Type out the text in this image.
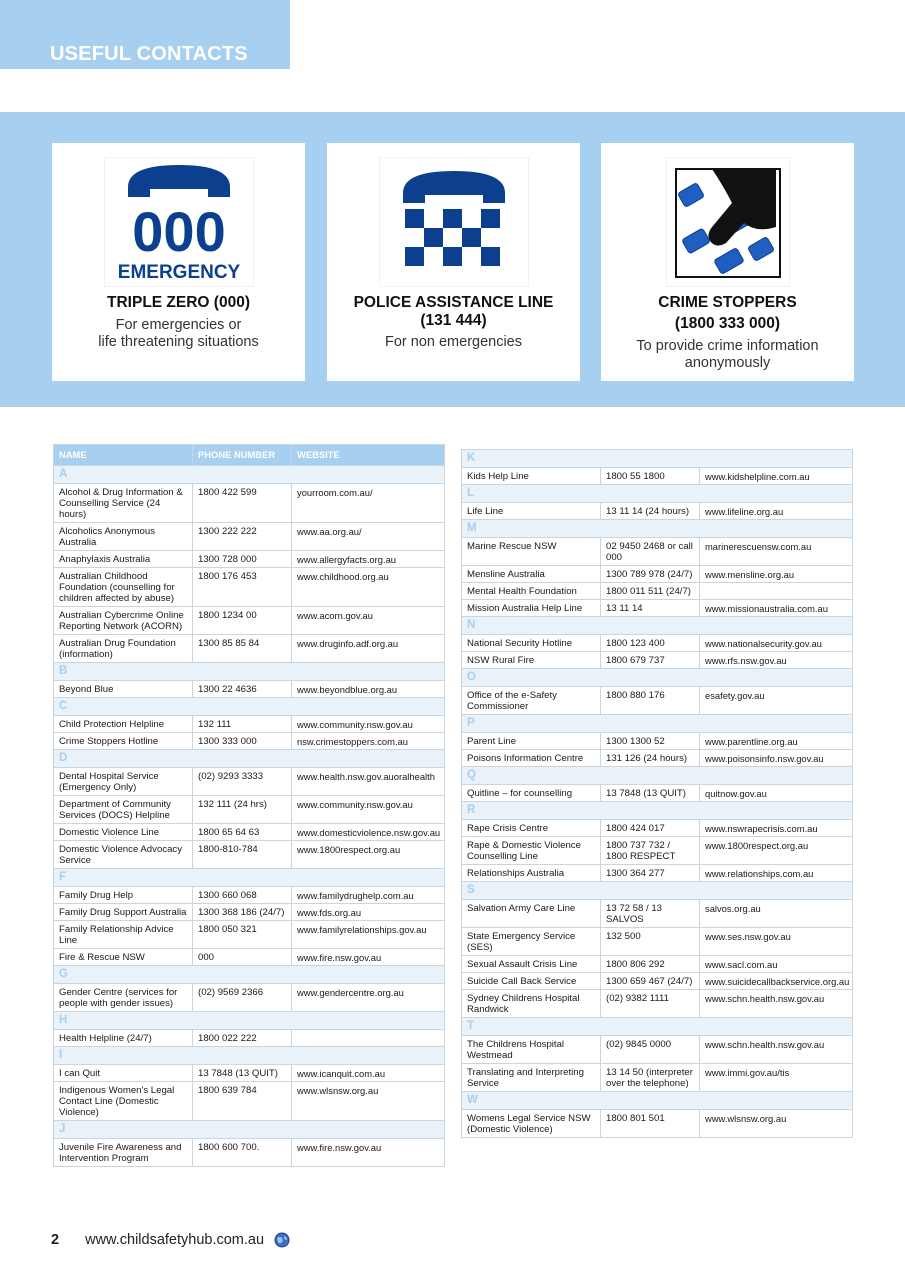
USEFUL CONTACTS
000
EMERGENCY
TRIPLE ZERO (000)
For emergencies or
life threatening situations
POLICE ASSISTANCE LINE
(131 444)
For non emergencies
CRIME STOPPERS
(1800 333 000)
To provide crime information
anonymously
NAME	PHONE NUMBER	WEBSITE
A		
Alcohol & Drug Information & Counselling Service (24 hours)	1800 422 599	yourroom.com.au/
Alcoholics Anonymous Australia	1300 222 222	www.aa.org.au/
Anaphylaxis Australia	1300 728 000	www.allergyfacts.org.au
Australian Childhood Foundation (counselling for children affected by abuse)	1800 176 453	www.childhood.org.au
Australian Cybercrime Online Reporting Network (ACORN)	1800 1234 00	www.acorn.gov.au
Australian Drug Foundation (information)	1300 85 85 84	www.druginfo.adf.org.au
B		
Beyond Blue	1300 22 4636	www.beyondblue.org.au
C		
Child Protection Helpline	132 111	www.community.nsw.gov.au
Crime Stoppers Hotline	1300 333 000	nsw.crimestoppers.com.au
D		
Dental Hospital Service (Emergency Only)	(02) 9293 3333	www.health.nsw.gov.auoralhealth
Department of Community Services (DOCS) Helpline	132 111 (24 hrs)	www.community.nsw.gov.au
Domestic Violence Line	1800 65 64 63	www.domesticviolence.nsw.gov.au
Domestic Violence Advocacy Service	1800-810-784	www.1800respect.org.au
F		
Family Drug Help	1300 660 068	www.familydrughelp.com.au
Family Drug Support Australia	1300 368 186 (24/7)	www.fds.org.au
Family Relationship Advice Line	1800 050 321	www.familyrelationships.gov.au
Fire & Rescue NSW	000	www.fire.nsw.gov.au
G		
Gender Centre (services for people with gender issues)	(02) 9569 2366	www.gendercentre.org.au
H		
Health Helpline (24/7)	1800 022 222	
I		
I can Quit	13 7848 (13 QUIT)	www.icanquit.com.au
Indigenous Women's Legal Contact Line (Domestic Violence)	1800 639 784	www.wlsnsw.org.au
J		
Juvenile Fire Awareness and Intervention Program	1800 600 700.	www.fire.nsw.gov.au
K		
Kids Help Line	1800 55 1800	www.kidshelpline.com.au
L		
Life Line	13 11 14 (24 hours)	www.lifeline.org.au
M		
Marine Rescue NSW	02 9450 2468 or call 000	marinerescuensw.com.au
Mensline Australia	1300 789 978 (24/7)	www.mensline.org.au
Mental Health Foundation	1800 011 511 (24/7)	
Mission Australia Help Line	13 11 14	www.missionaustralia.com.au
N		
National Security Hotline	1800 123 400	www.nationalsecurity.gov.au
NSW Rural Fire	1800 679 737	www.rfs.nsw.gov.au
O		
Office of the e-Safety Commissioner	1800 880 176	esafety.gov.au
P		
Parent Line	1300 1300 52	www.parentline.org.au
Poisons Information Centre	131 126 (24 hours)	www.poisonsinfo.nsw.gov.au
Q		
Quitline – for counselling	13 7848 (13 QUIT)	quitnow.gov.au
R		
Rape Crisis Centre	1800 424 017	www.nswrapecrisis.com.au
Rape & Domestic Violence Counselling Line	1800 737 732 / 1800 RESPECT	www.1800respect.org.au
Relationships Australia	1300 364 277	www.relationships.com.au
S		
Salvation Army Care Line	13 72 58 / 13 SALVOS	salvos.org.au
State Emergency Service (SES)	132 500	www.ses.nsw.gov.au
Sexual Assault Crisis Line	1800 806 292	www.sacl.com.au
Suicide Call Back Service	1300 659 467 (24/7)	www.suicidecallbackservice.org.au
Sydney Childrens Hospital Randwick	(02) 9382 1111	www.schn.health.nsw.gov.au
T		
The Childrens Hospital Westmead	(02) 9845 0000	www.schn.health.nsw.gov.au
Translating and Interpreting Service	13 14 50 (interpreter over the telephone)	www.immi.gov.au/tis
W		
Womens Legal Service NSW (Domestic Violence)	1800 801 501	www.wlsnsw.org.au
2 www.childsafetyhub.com.au
